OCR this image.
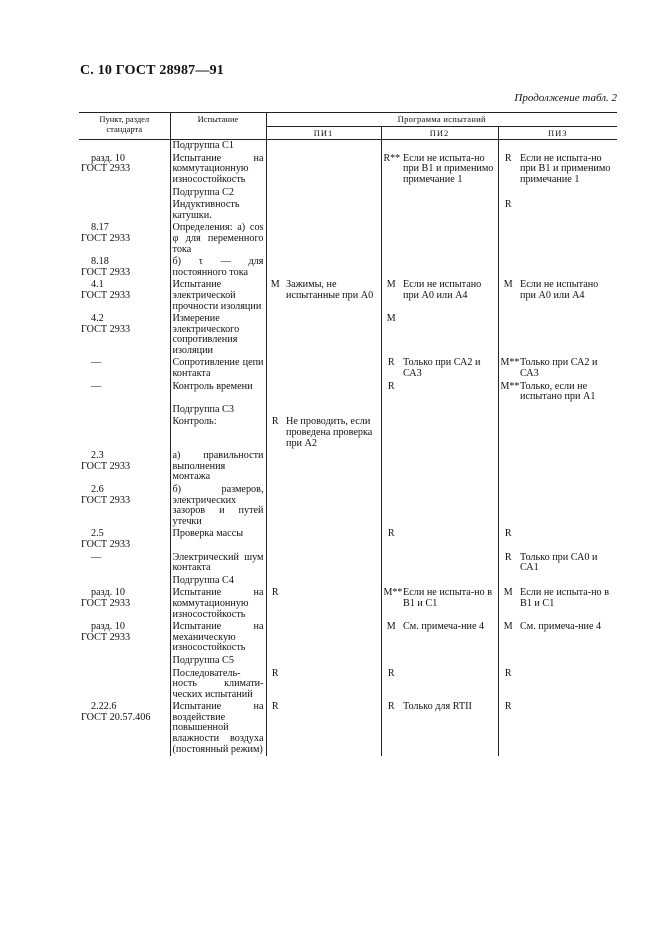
С. 10 ГОСТ 28987—91
Продолжение табл. 2
Пункт, раздел стандарта	Испытание	Программа испытаний					
		ПИ1		ПИ2		ПИ3	

	Подгруппа С1						

разд. 10
ГОСТ 2933	Испытание на коммутационную износостойкость			R**	Если не испыта-но при В1 и применимо примечание 1	R	Если не испыта-но при В1 и применимо примечание 1

	Подгруппа С2						

	Индуктивность катушки.					R	

8.17
ГОСТ 2933	Определения: а) cos φ для переменного тока						

8.18
ГОСТ 2933	б) τ — для постоянного тока						

4.1
ГОСТ 2933	Испытание электрической прочности изоляции	M	Зажимы, не испытанные при А0	M	Если не испытано при А0 или А4	M	Если не испытано при А0 или А4

4.2
ГОСТ 2933	Измерение электрического сопротивления изоляции			M			

—	Сопротивление цепи контакта			R	Только при СА2 и СА3	M**	Только при СА2 и СА3

—	Контроль времени			R		M**	Только, если не испытано при А1

	Подгруппа С3						

	Контроль:	R	Не проводить, если проведена проверка при А2				

2.3
ГОСТ 2933	а) правильности выполнения монтажа						

2.6
ГОСТ 2933	б) размеров, электрических зазоров и путей утечки						

2.5
ГОСТ 2933	Проверка массы			R		R	

—	Электрический шум контакта					R	Только при СА0 и СА1

	Подгруппа С4						

разд. 10
ГОСТ 2933	Испытание на коммутационную износостойкость	R		M**	Если не испыта-но в В1 и С1	M	Если не испыта-но в В1 и С1

разд. 10
ГОСТ 2933	Испытание на механическую износостойкость			M	См. примеча-ние 4	M	См. примеча-ние 4

	Подгруппа С5						

	Последователь-ность климати-ческих испытаний	R		R		R	

2.22.6
ГОСТ 20.57.406	Испытание на воздействие повышенной влажности воздуха (постоянный режим)	R		R	Только для RTII	R	
